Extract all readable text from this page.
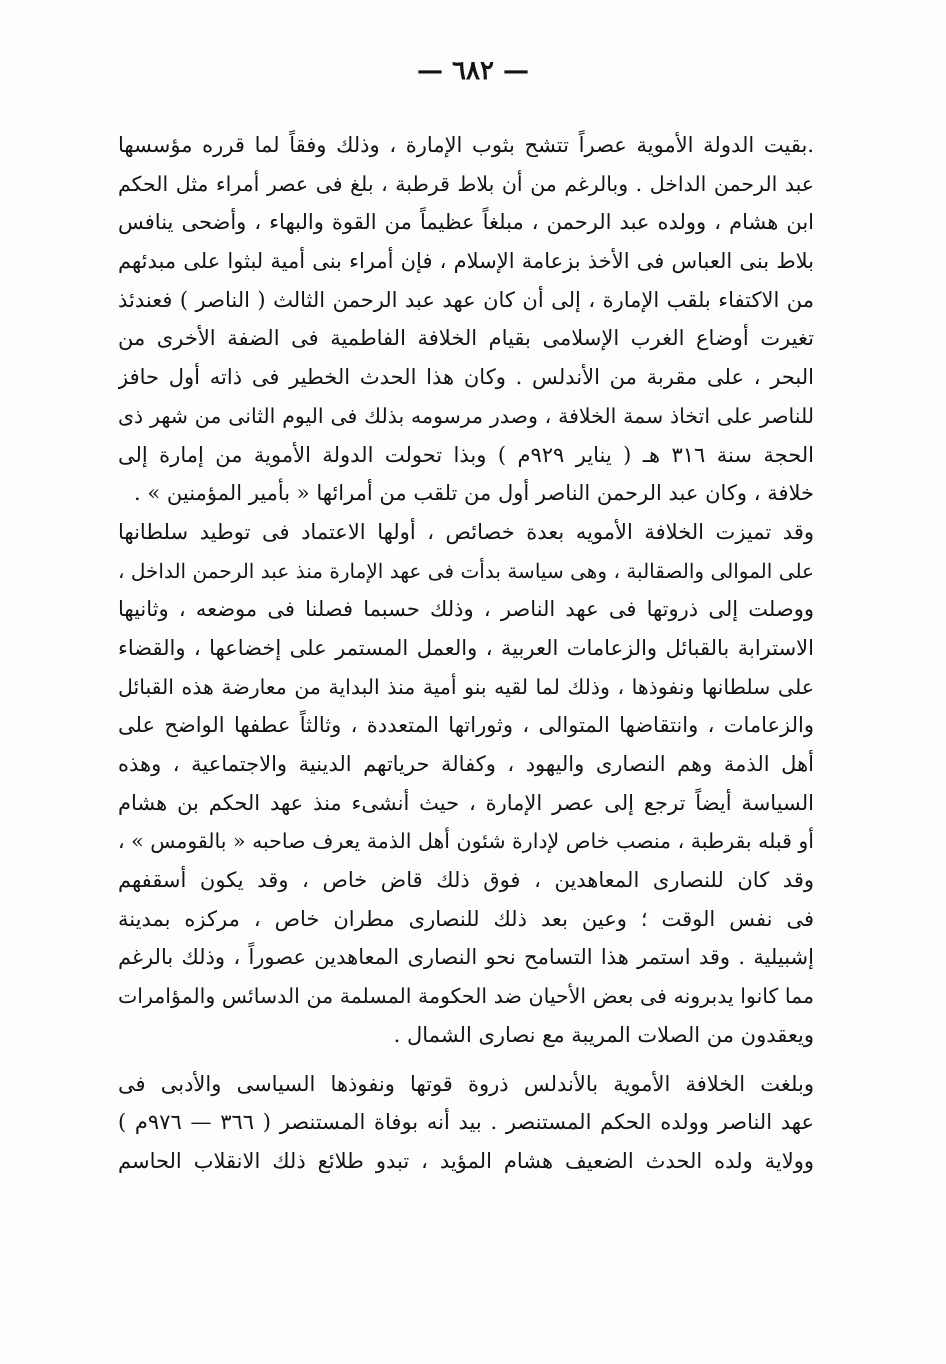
— ٦٨٢ —
.بقيت الدولة الأموية عصراً تتشح بثوب الإمارة ، وذلك وفقاً لما قرره مؤسسها
عبد الرحمن الداخل . وبالرغم من أن بلاط قرطبة ، بلغ فى عصر أمراء مثل الحكم
ابن هشام ، وولده عبد الرحمن ، مبلغاً عظيماً من القوة والبهاء ، وأضحى ينافس
بلاط بنى العباس فى الأخذ بزعامة الإسلام ، فإن أمراء بنى أمية لبثوا على مبدئهم
من الاكتفاء بلقب الإمارة ، إلى أن كان عهد عبد الرحمن الثالث ( الناصر ) فعندئذ
تغيرت أوضاع الغرب الإسلامى بقيام الخلافة الفاطمية فى الضفة الأخرى من
البحر ، على مقربة من الأندلس . وكان هذا الحدث الخطير فى ذاته أول حافز
للناصر على اتخاذ سمة الخلافة ، وصدر مرسومه بذلك فى اليوم الثانى من شهر ذى
الحجة سنة ٣١٦ هـ ( يناير ٩٢٩م ) وبذا تحولت الدولة الأموية من إمارة إلى
خلافة ، وكان عبد الرحمن الناصر أول من تلقب من أمرائها « بأمير المؤمنين » .
وقد تميزت الخلافة الأمويه بعدة خصائص ، أولها الاعتماد فى توطيد سلطانها
على الموالى والصقالبة ، وهى سياسة بدأت فى عهد الإمارة منذ عبد الرحمن الداخل ،
ووصلت إلى ذروتها فى عهد الناصر ، وذلك حسبما فصلنا فى موضعه ، وثانيها
الاسترابة بالقبائل والزعامات العربية ، والعمل المستمر على إخضاعها ، والقضاء
على سلطانها ونفوذها ، وذلك لما لقيه بنو أمية منذ البداية من معارضة هذه القبائل
والزعامات ، وانتقاضها المتوالى ، وثوراتها المتعددة ، وثالثاً عطفها الواضح على
أهل الذمة وهم النصارى واليهود ، وكفالة حرياتهم الدينية والاجتماعية ، وهذه
السياسة أيضاً ترجع إلى عصر الإمارة ، حيث أنشىء منذ عهد الحكم بن هشام
أو قبله بقرطبة ، منصب خاص لإدارة شئون أهل الذمة يعرف صاحبه « بالقومس » ،
وقد كان للنصارى المعاهدين ، فوق ذلك قاض خاص ، وقد يكون أسقفهم
فى نفس الوقت ؛ وعين بعد ذلك للنصارى مطران خاص ، مركزه بمدينة
إشبيلية . وقد استمر هذا التسامح نحو النصارى المعاهدين عصوراً ، وذلك بالرغم
مما كانوا يدبرونه فى بعض الأحيان ضد الحكومة المسلمة من الدسائس والمؤامرات
ويعقدون من الصلات المريبة مع نصارى الشمال .
وبلغت الخلافة الأموية بالأندلس ذروة قوتها ونفوذها السياسى والأدبى فى
عهد الناصر وولده الحكم المستنصر . بيد أنه بوفاة المستنصر ( ٣٦٦ — ٩٧٦م )
وولاية ولده الحدث الضعيف هشام المؤيد ، تبدو طلائع ذلك الانقلاب الحاسم
